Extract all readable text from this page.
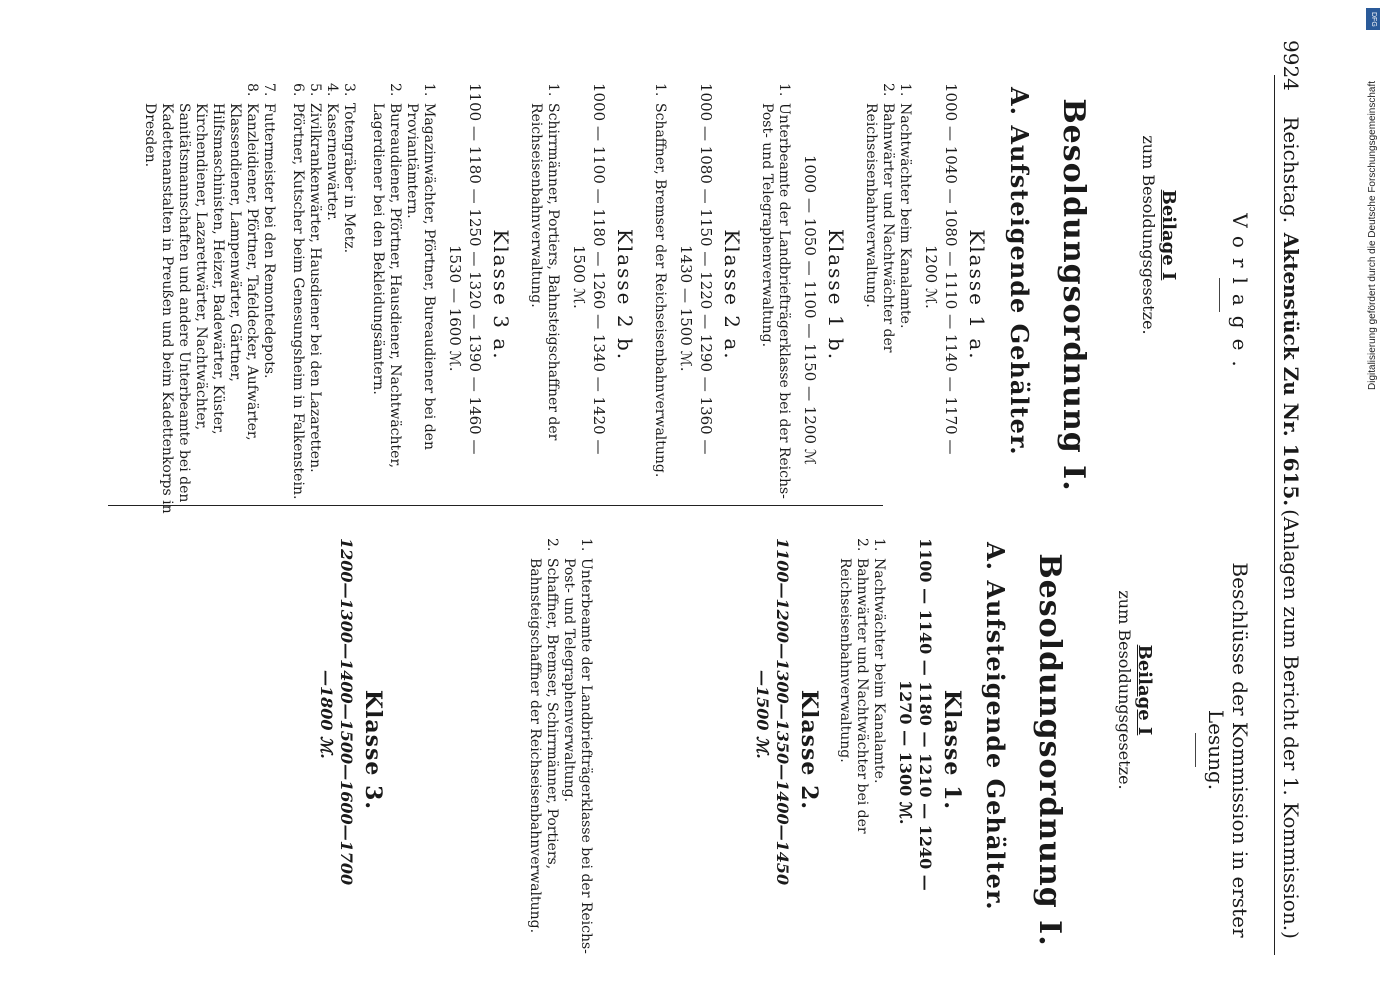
9924 Reichstag. Aktenstück Zu Nr. 1615. (Anlagen zum Bericht der 1. Kommission.)
Vorlage.
Beilage I
zum Besoldungsgesetze.
Besoldungsordnung I.
A. Aufsteigende Gehälter.
Klasse 1 a.
1000 — 1040 — 1080 — 1110 — 1140 — 1170 —
1200 ℳ.
1.
Nachtwächter beim Kanalamte.
2.
Bahnwärter und Nachtwächter der Reichseisenbahnverwaltung.
Klasse 1 b.
1000 — 1050 — 1100 — 1150 — 1200 ℳ
1.
Unterbeamte der Landbriefträgerklasse bei der Reichs-Post- und Telegraphenverwaltung.
Klasse 2 a.
1000 — 1080 — 1150 — 1220 — 1290 — 1360 —
1430 — 1500 ℳ.
1.
Schaffner, Bremser der Reichseisenbahnverwaltung.
Klasse 2 b.
1000 — 1100 — 1180 — 1260 — 1340 — 1420 —
1500 ℳ.
1.
Schirrmänner, Portiers, Bahnsteigschaffner der Reichseisenbahnverwaltung.
Klasse 3 a.
1100 — 1180 — 1250 — 1320 — 1390 — 1460 —
1530 — 1600 ℳ.
1.
Magazinwächter, Pförtner, Bureaudiener bei den Proviantämtern.
2.
Bureaudiener, Pförtner, Hausdiener, Nachtwächter, Lagerdiener bei den Bekleidungsämtern.
3.
Totengräber in Metz.
4.
Kasernenwärter.
5.
Zivilkrankenwärter, Hausdiener bei den Lazaretten.
6.
Pförtner, Kutscher beim Genesungsheim in Falkenstein.
7.
Futtermeister bei den Remontedepots.
8.
Kanzleidiener, Pförtner, Tafeldecker, Aufwärter, Klassendiener, Lampenwärter, Gärtner, Hilfsmaschinisten, Heizer, Badewärter, Küster, Kirchendiener, Lazarettwärter, Nachtwächter, Sanitätsmannschaften und andere Unterbeamte bei den Kadettenanstalten in Preußen und beim Kadettenkorps in Dresden.
Beschlüsse der Kommission in erster Lesung.
Beilage I
zum Besoldungsgesetze.
Besoldungsordnung I.
A. Aufsteigende Gehälter.
Klasse 1.
1100 — 1140 — 1180 — 1210 — 1240 —
1270 — 1300 ℳ.
1.
Nachtwächter beim Kanalamte.
2.
Bahnwärter und Nachtwächter bei der Reichseisenbahnverwaltung.
Klasse 2.
1100—1200—1300—1350—1400—1450
—1500 ℳ.
1.
Unterbeamte der Landbriefträgerklasse bei der Reichs-Post- und Telegraphenverwaltung.
2.
Schaffner, Bremser, Schirrmänner, Portiers, Bahnsteigschaffner der Reichseisenbahnverwaltung.
Klasse 3.
1200—1300—1400—1500—1600—1700
—1800 ℳ.
DFG
Digitalisierung gefördert durch die Deutsche Forschungsgemeinschaft
